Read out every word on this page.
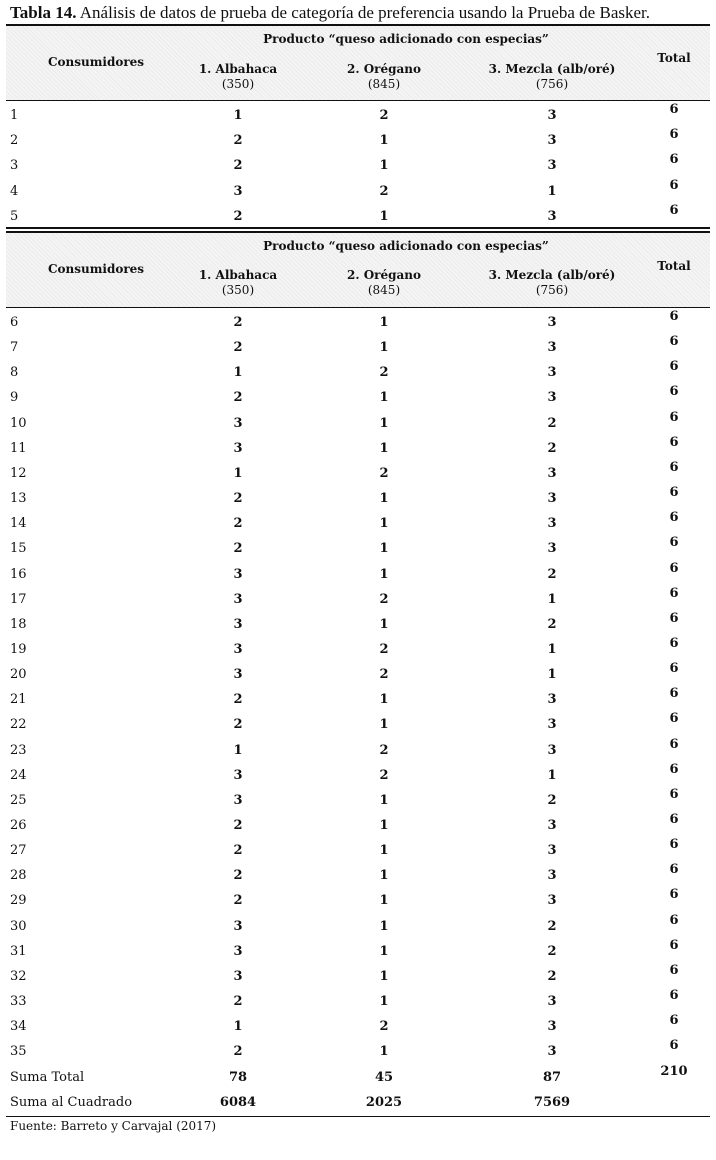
Tabla 14. Análisis de datos de prueba de categoría de preferencia usando la Prueba de Basker.
Consumidores
Producto “queso adicionado con especias”
1. Albahaca
(350)
2. Orégano
(845)
3. Mezcla (alb/oré)
(756)
Total
1	1	2	3	6
2	2	1	3	6
3	2	1	3	6
4	3	2	1	6
5	2	1	3	6
Consumidores
Producto “queso adicionado con especias”
1. Albahaca
(350)
2. Orégano
(845)
3. Mezcla (alb/oré)
(756)
Total
6	2	1	3	6
7	2	1	3	6
8	1	2	3	6
9	2	1	3	6
10	3	1	2	6
11	3	1	2	6
12	1	2	3	6
13	2	1	3	6
14	2	1	3	6
15	2	1	3	6
16	3	1	2	6
17	3	2	1	6
18	3	1	2	6
19	3	2	1	6
20	3	2	1	6
21	2	1	3	6
22	2	1	3	6
23	1	2	3	6
24	3	2	1	6
25	3	1	2	6
26	2	1	3	6
27	2	1	3	6
28	2	1	3	6
29	2	1	3	6
30	3	1	2	6
31	3	1	2	6
32	3	1	2	6
33	2	1	3	6
34	1	2	3	6
35	2	1	3	6
Suma Total	78	45	87	210
Suma al Cuadrado	6084	2025	7569
Fuente: Barreto y Carvajal (2017)
